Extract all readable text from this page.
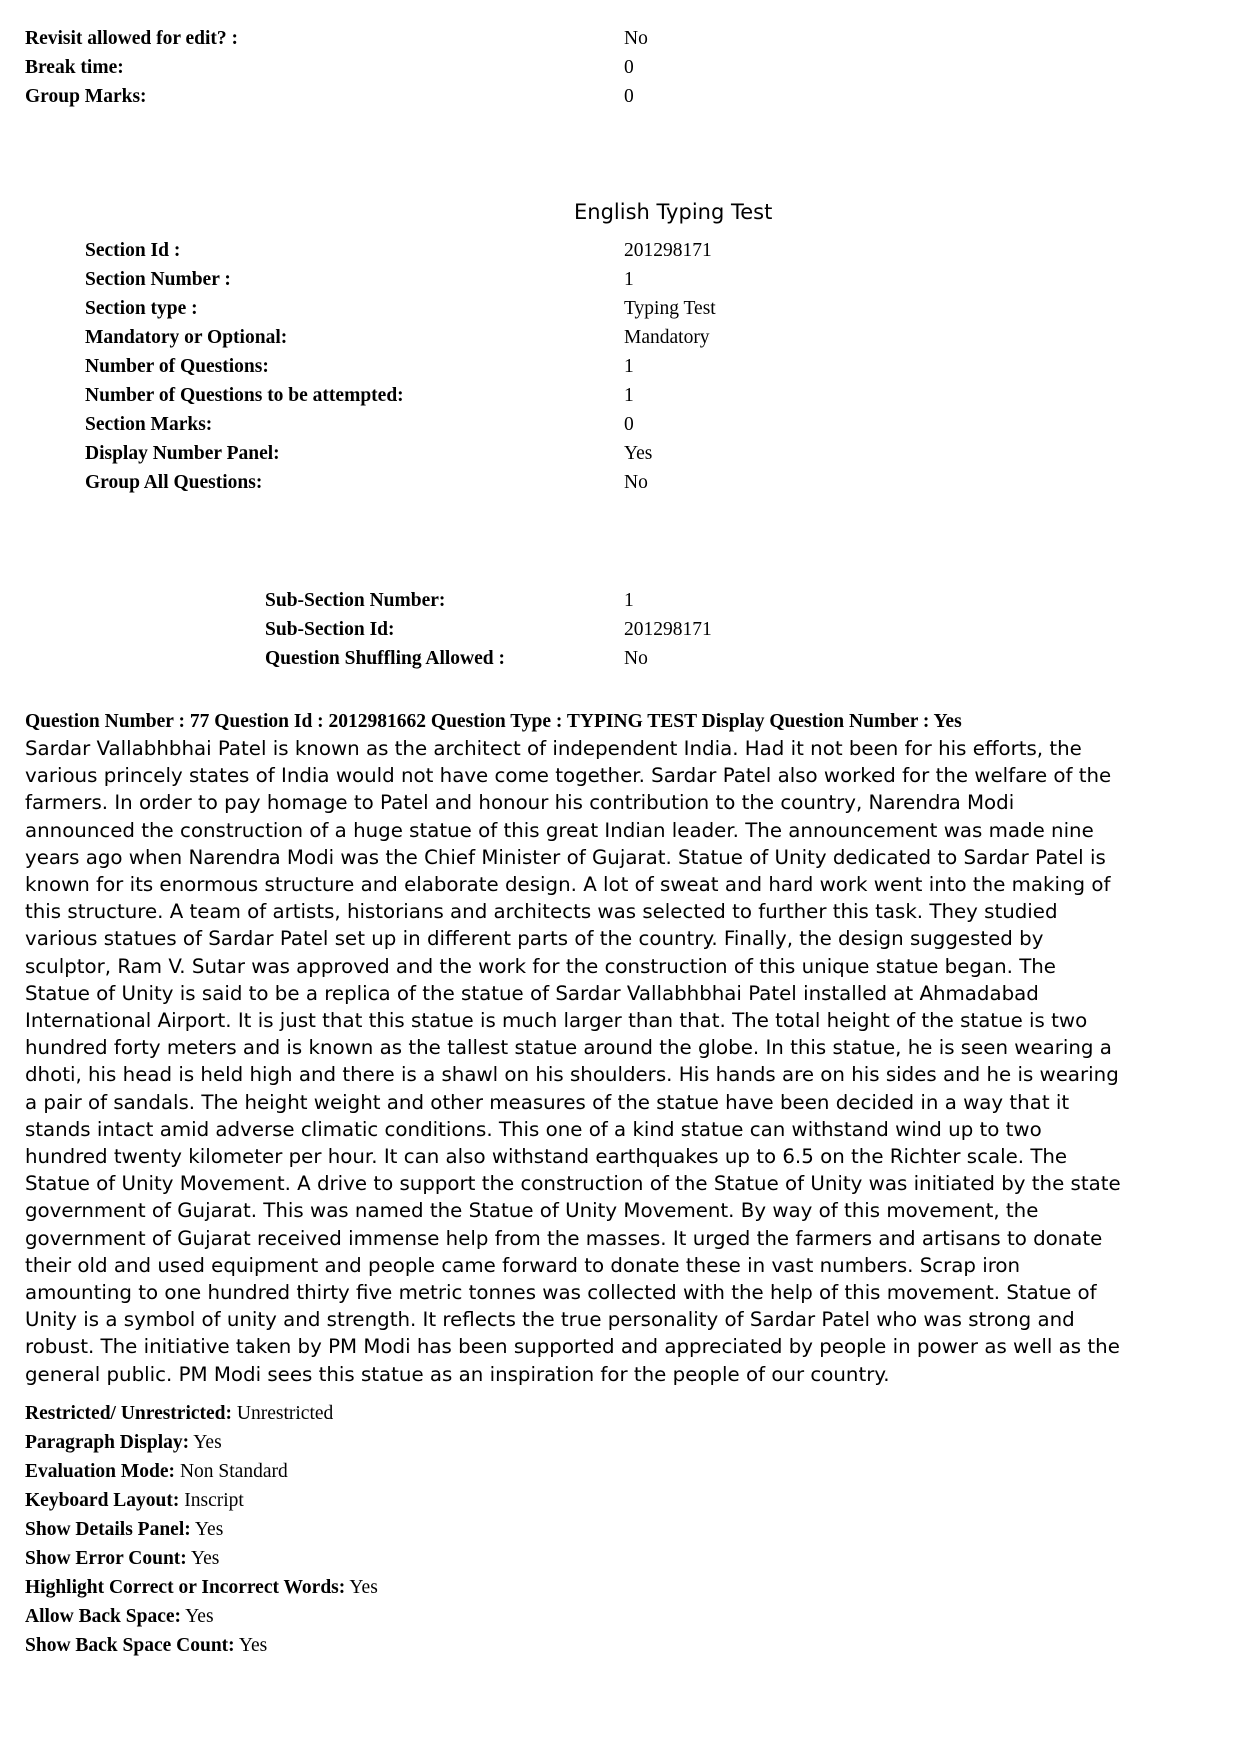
Revisit allowed for edit? :
Break time:
Group Marks:
No
0
0
English Typing Test
Section Id :
Section Number :
Section type :
Mandatory or Optional:
Number of Questions:
Number of Questions to be attempted:
Section Marks:
Display Number Panel:
Group All Questions:
201298171
1
Typing Test
Mandatory
1
1
0
Yes
No
Sub-Section Number:
Sub-Section Id:
Question Shuffling Allowed :
1
201298171
No
Question Number : 77 Question Id : 2012981662 Question Type : TYPING TEST Display Question Number : Yes
Sardar Vallabhbhai Patel is known as the architect of independent India. Had it not been for his efforts, the
various princely states of India would not have come together. Sardar Patel also worked for the welfare of the
farmers. In order to pay homage to Patel and honour his contribution to the country, Narendra Modi
announced the construction of a huge statue of this great Indian leader. The announcement was made nine
years ago when Narendra Modi was the Chief Minister of Gujarat. Statue of Unity dedicated to Sardar Patel is
known for its enormous structure and elaborate design. A lot of sweat and hard work went into the making of
this structure. A team of artists, historians and architects was selected to further this task. They studied
various statues of Sardar Patel set up in different parts of the country. Finally, the design suggested by
sculptor, Ram V. Sutar was approved and the work for the construction of this unique statue began. The
Statue of Unity is said to be a replica of the statue of Sardar Vallabhbhai Patel installed at Ahmadabad
International Airport. It is just that this statue is much larger than that. The total height of the statue is two
hundred forty meters and is known as the tallest statue around the globe. In this statue, he is seen wearing a
dhoti, his head is held high and there is a shawl on his shoulders. His hands are on his sides and he is wearing
a pair of sandals. The height weight and other measures of the statue have been decided in a way that it
stands intact amid adverse climatic conditions. This one of a kind statue can withstand wind up to two
hundred twenty kilometer per hour. It can also withstand earthquakes up to 6.5 on the Richter scale. The
Statue of Unity Movement. A drive to support the construction of the Statue of Unity was initiated by the state
government of Gujarat. This was named the Statue of Unity Movement. By way of this movement, the
government of Gujarat received immense help from the masses. It urged the farmers and artisans to donate
their old and used equipment and people came forward to donate these in vast numbers. Scrap iron
amounting to one hundred thirty five metric tonnes was collected with the help of this movement. Statue of
Unity is a symbol of unity and strength. It reflects the true personality of Sardar Patel who was strong and
robust. The initiative taken by PM Modi has been supported and appreciated by people in power as well as the
general public. PM Modi sees this statue as an inspiration for the people of our country.
Restricted/ Unrestricted: Unrestricted
Paragraph Display: Yes
Evaluation Mode: Non Standard
Keyboard Layout: Inscript
Show Details Panel: Yes
Show Error Count: Yes
Highlight Correct or Incorrect Words: Yes
Allow Back Space: Yes
Show Back Space Count: Yes
